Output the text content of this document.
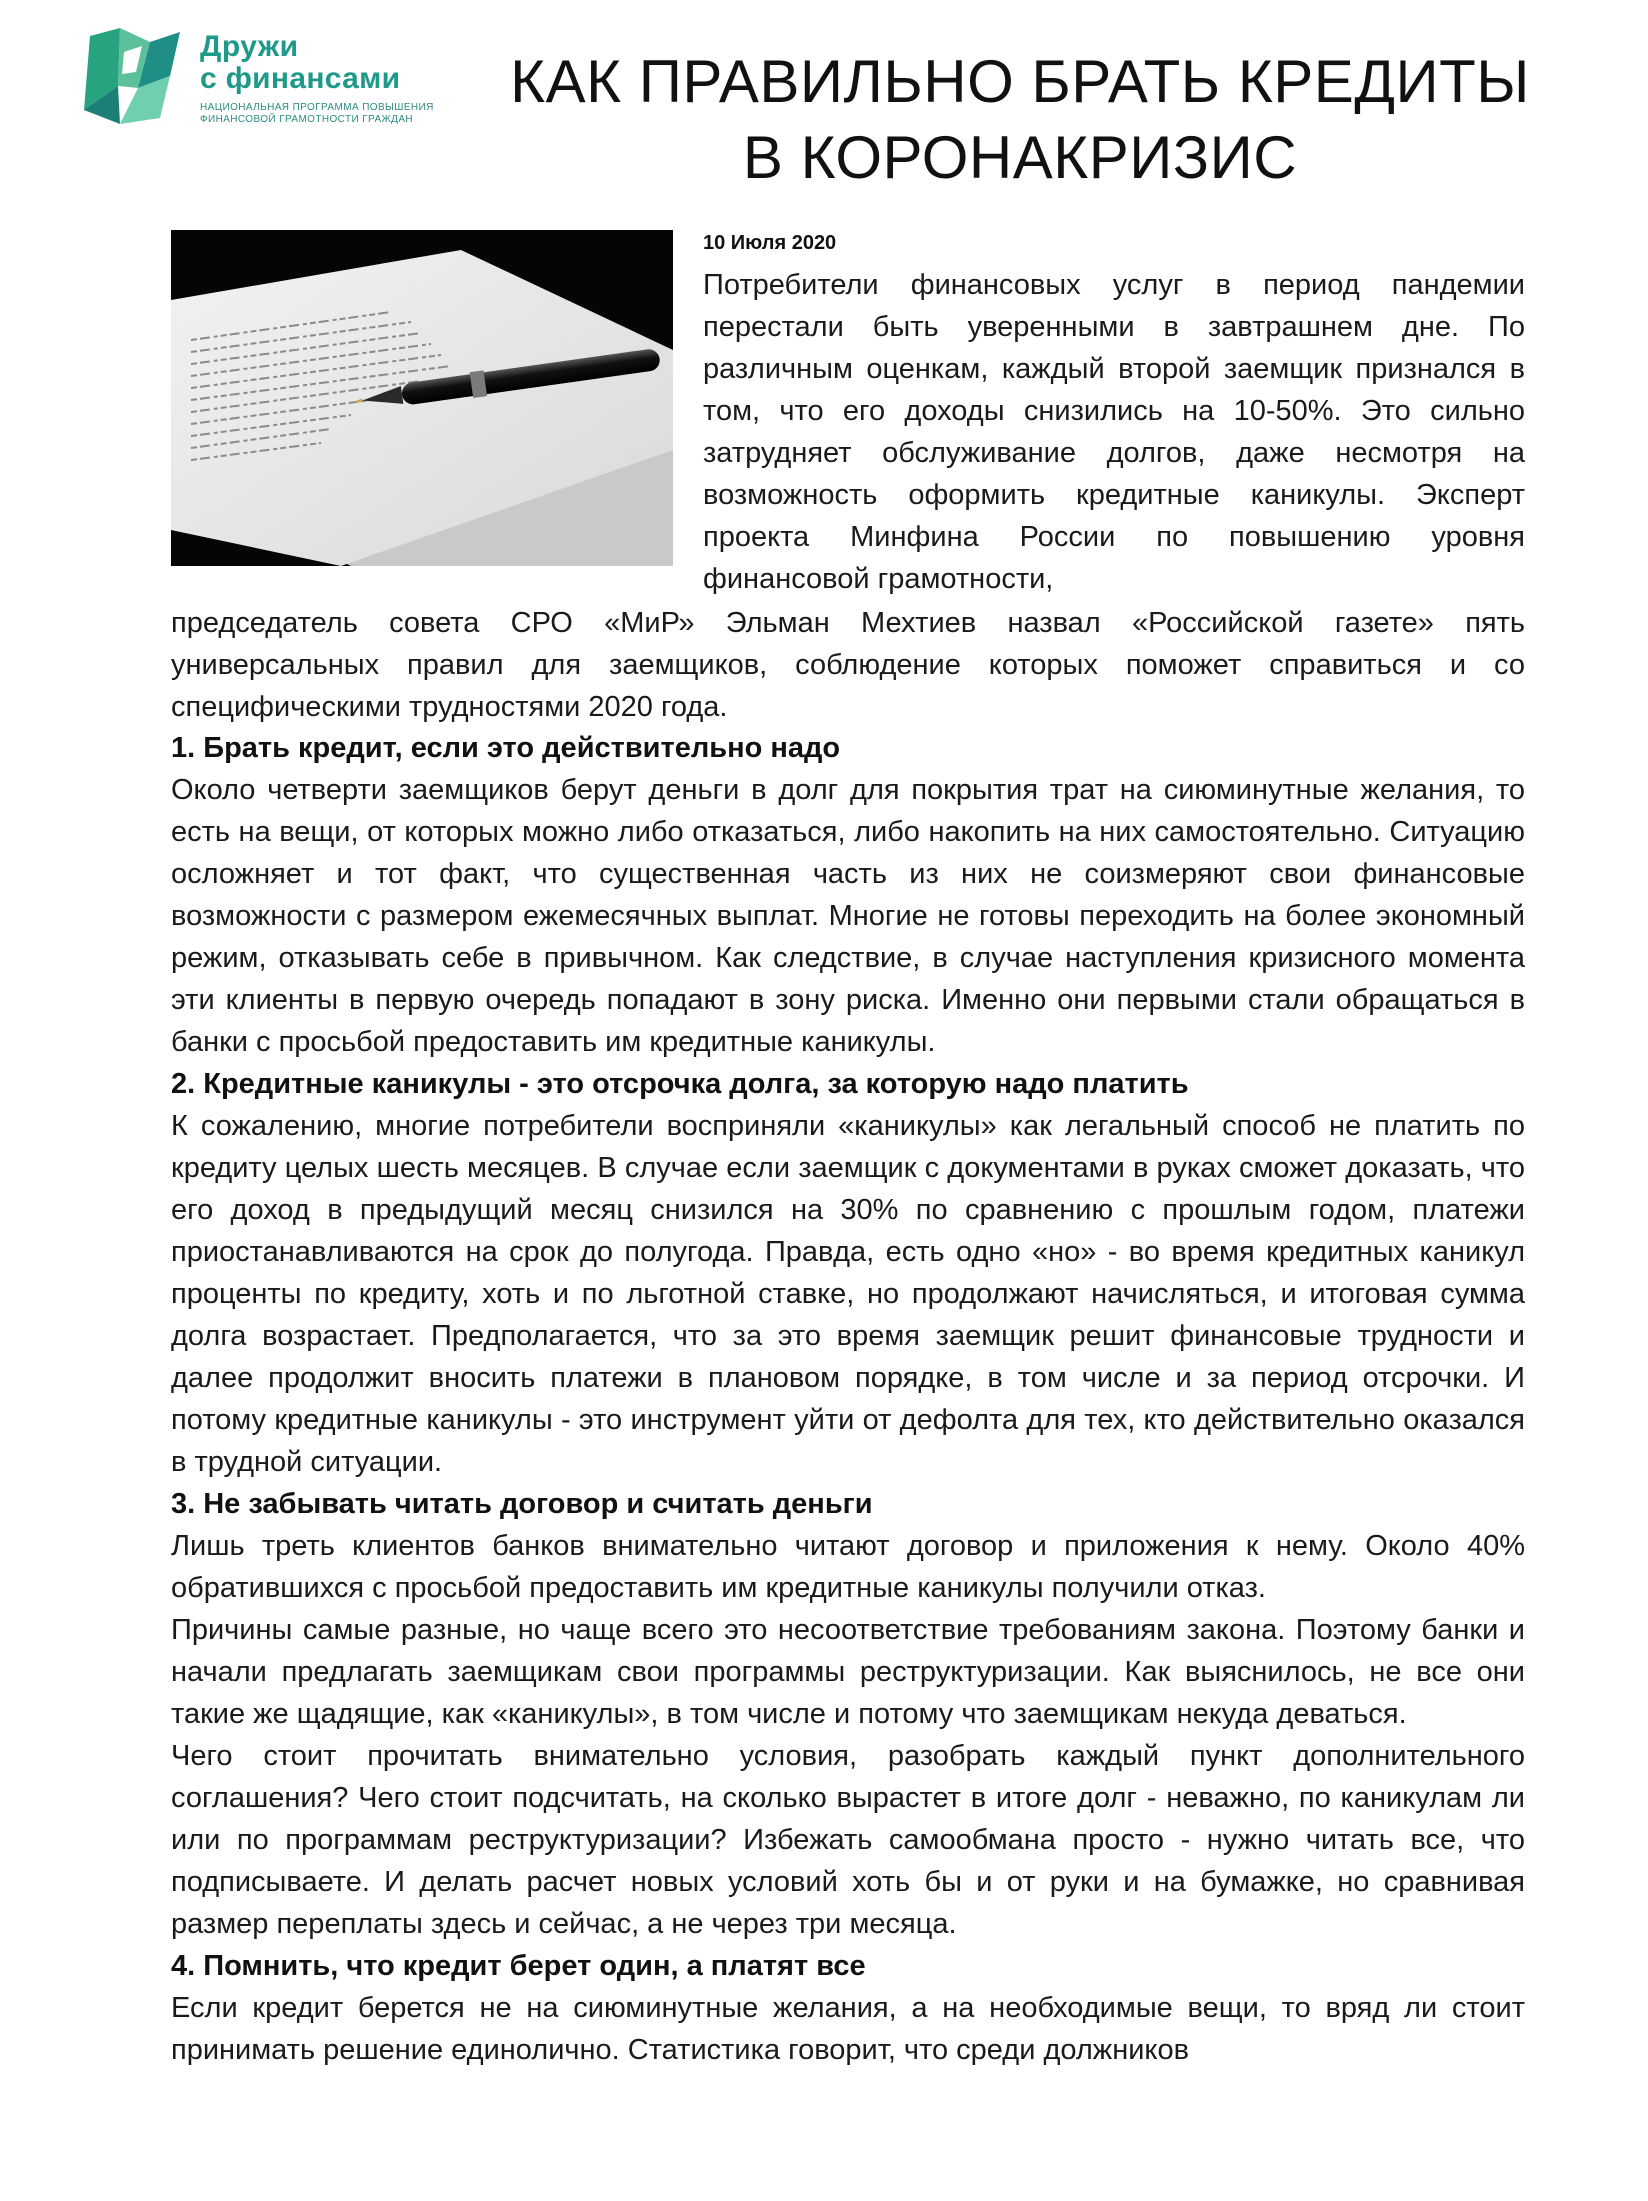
Дружи
с финансами
НАЦИОНАЛЬНАЯ ПРОГРАММА ПОВЫШЕНИЯ
ФИНАНСОВОЙ ГРАМОТНОСТИ ГРАЖДАН
КАК ПРАВИЛЬНО БРАТЬ КРЕДИТЫ
В КОРОНАКРИЗИС
10 Июля 2020

Потребители финансовых услуг в период пандемии перестали быть уверенными в завтрашнем дне. По различным оценкам, каждый второй заемщик признался в том, что его доходы снизились на 10-50%. Это сильно затрудняет обслуживание долгов, даже несмотря на возможность оформить кредитные каникулы. Эксперт проекта Минфина России по повышению уровня финансовой грамотности,

председатель совета СРО «МиР» Эльман Мехтиев назвал «Российской газете» пять универсальных правил для заемщиков, соблюдение которых поможет справиться и со специфическими трудностями 2020 года.

1. Брать кредит, если это действительно надо

Около четверти заемщиков берут деньги в долг для покрытия трат на сиюминутные желания, то есть на вещи, от которых можно либо отказаться, либо накопить на них самостоятельно. Ситуацию осложняет и тот факт, что существенная часть из них не соизмеряют свои финансовые возможности с размером ежемесячных выплат. Многие не готовы переходить на более экономный режим, отказывать себе в привычном. Как следствие, в случае наступления кризисного момента эти клиенты в первую очередь попадают в зону риска. Именно они первыми стали обращаться в банки с просьбой предоставить им кредитные каникулы.

2. Кредитные каникулы - это отсрочка долга, за которую надо платить

К сожалению, многие потребители восприняли «каникулы» как легальный способ не платить по кредиту целых шесть месяцев. В случае если заемщик с документами в руках сможет доказать, что его доход в предыдущий месяц снизился на 30% по сравнению с прошлым годом, платежи приостанавливаются на срок до полугода. Правда, есть одно «но» - во время кредитных каникул проценты по кредиту, хоть и по льготной ставке, но продолжают начисляться, и итоговая сумма долга возрастает. Предполагается, что за это время заемщик решит финансовые трудности и далее продолжит вносить платежи в плановом порядке, в том числе и за период отсрочки. И потому кредитные каникулы - это инструмент уйти от дефолта для тех, кто действительно оказался в трудной ситуации.

3. Не забывать читать договор и считать деньги

Лишь треть клиентов банков внимательно читают договор и приложения к нему. Около 40% обратившихся с просьбой предоставить им кредитные каникулы получили отказ.

Причины самые разные, но чаще всего это несоответствие требованиям закона. Поэтому банки и начали предлагать заемщикам свои программы реструктуризации. Как выяснилось, не все они такие же щадящие, как «каникулы», в том числе и потому что заемщикам некуда деваться.

Чего стоит прочитать внимательно условия, разобрать каждый пункт дополнительного соглашения? Чего стоит подсчитать, на сколько вырастет в итоге долг - неважно, по каникулам ли или по программам реструктуризации? Избежать самообмана просто - нужно читать все, что подписываете. И делать расчет новых условий хоть бы и от руки и на бумажке, но сравнивая размер переплаты здесь и сейчас, а не через три месяца.

4. Помнить, что кредит берет один, а платят все

Если кредит берется не на сиюминутные желания, а на необходимые вещи, то вряд ли стоит принимать решение единолично. Статистика говорит, что среди должников
